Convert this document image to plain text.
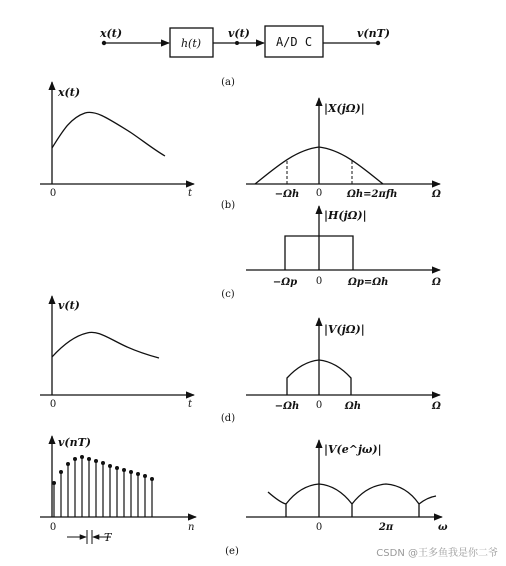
x(t)
h(t)
v(t)
A/D C
v(nT)
(a)
x(t)
0	t
|X(jΩ)|
0
−Ωh	Ωh=2πfh	Ω
(b)
|H(jΩ)|
0
−Ωp	Ωp=Ωh	Ω
(c)
v(t)
0	t
|V(jΩ)|
0
−Ωh	Ωh	Ω
(d)
v(nT)
0	n
T
|V(e^jω)|
0	2π	ω
(e)	CSDN @王多鱼我是你二爷
